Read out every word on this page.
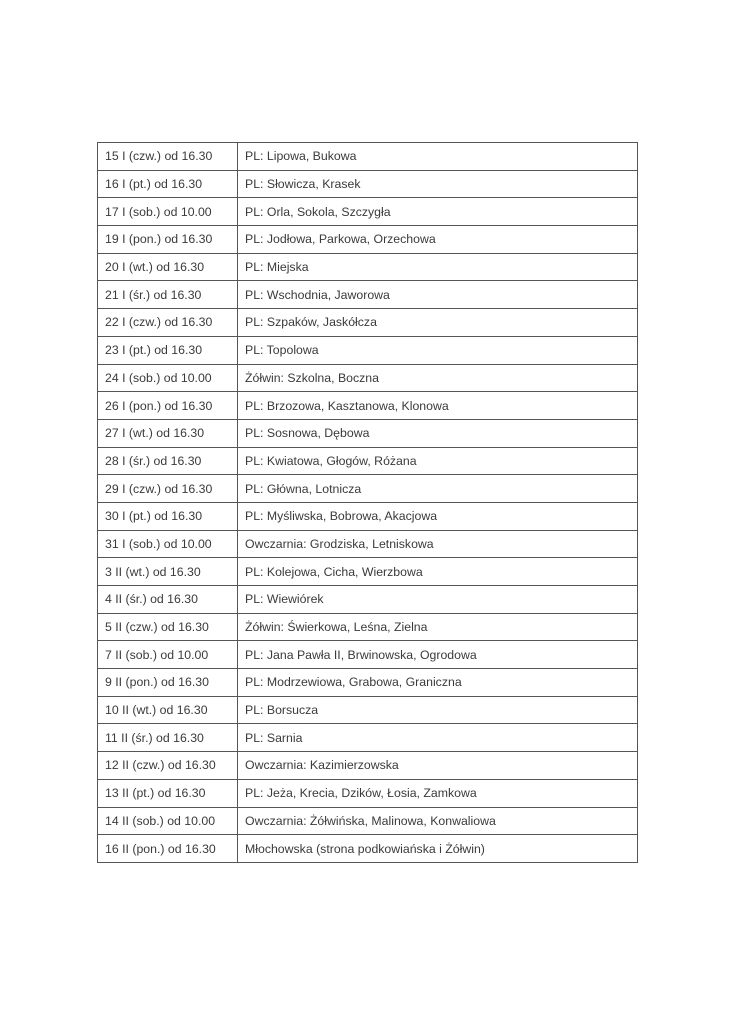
15 I (czw.) od 16.30	PL: Lipowa, Bukowa
16 I (pt.) od 16.30	PL: Słowicza, Krasek
17 I (sob.) od 10.00	PL: Orla, Sokola, Szczygła
19 I (pon.) od 16.30	PL: Jodłowa, Parkowa, Orzechowa
20 I (wt.) od 16.30	PL: Miejska
21 I (śr.) od 16.30	PL: Wschodnia, Jaworowa
22 I (czw.) od 16.30	PL: Szpaków, Jaskółcza
23 I (pt.) od 16.30	PL: Topolowa
24 I (sob.) od 10.00	Żółwin: Szkolna, Boczna
26 I (pon.) od 16.30	PL: Brzozowa, Kasztanowa, Klonowa
27 I (wt.) od 16.30	PL: Sosnowa, Dębowa
28 I (śr.) od 16.30	PL: Kwiatowa, Głogów, Różana
29 I (czw.) od 16.30	PL: Główna, Lotnicza
30 I (pt.) od 16.30	PL: Myśliwska, Bobrowa, Akacjowa
31 I (sob.) od 10.00	Owczarnia: Grodziska, Letniskowa
3 II (wt.) od 16.30	PL: Kolejowa, Cicha, Wierzbowa
4 II (śr.) od 16.30	PL: Wiewiórek
5 II (czw.) od 16.30	Żółwin: Świerkowa, Leśna, Zielna
7 II (sob.) od 10.00	PL: Jana Pawła II, Brwinowska, Ogrodowa
9 II (pon.) od 16.30	PL: Modrzewiowa, Grabowa, Graniczna
10 II (wt.) od 16.30	PL: Borsucza
11 II (śr.) od 16.30	PL: Sarnia
12 II (czw.) od 16.30	Owczarnia: Kazimierzowska
13 II (pt.) od 16.30	PL: Jeża, Krecia, Dzików, Łosia, Zamkowa
14 II (sob.) od 10.00	Owczarnia: Żółwińska, Malinowa, Konwaliowa
16 II (pon.) od 16.30	Młochowska (strona podkowiańska i Żółwin)
